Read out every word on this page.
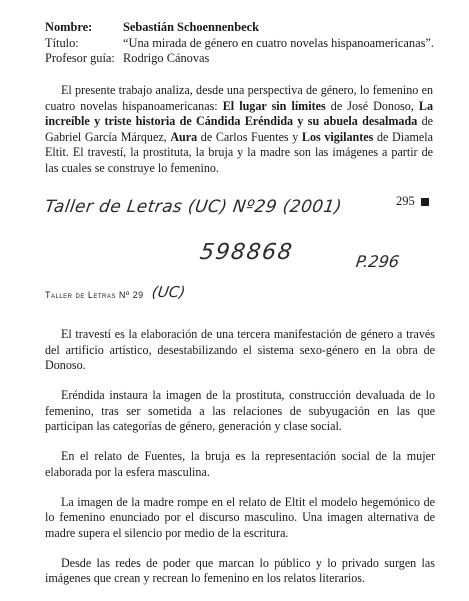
Nombre:	Sebastián Schoennenbeck
Título:	“Una mirada de género en cuatro novelas hispanoamericanas”.
Profesor guía: Rodrigo Cánovas

El presente trabajo analiza, desde una perspectiva de género, lo femenino en cuatro novelas hispanoamericanas: El lugar sin límites de José Donoso, La increíble y triste historia de Cándida Eréndida y su abuela desalmada de Gabriel García Márquez, Aura de Carlos Fuentes y Los vigilantes de Diamela Eltit. El travestí, la prostituta, la bruja y la madre son las imágenes a partir de las cuales se construye lo femenino.

295
Taller de Letras (UC) Nº29 (2001)
598868	P.296
Taller de Letras Nº 29 (UC)

El travestí es la elaboración de una tercera manifestación de género a través del artificio artístico, desestabilizando el sistema sexo-género en la obra de Donoso.

Eréndida instaura la imagen de la prostituta, construcción devaluada de lo femenino, tras ser sometida a las relaciones de subyugación en las que participan las categorías de género, generación y clase social.

En el relato de Fuentes, la bruja es la representación social de la mujer elaborada por la esfera masculina.

La imagen de la madre rompe en el relato de Eltit el modelo hegemónico de lo femenino enunciado por el discurso masculino. Una imagen alternativa de madre supera el silencio por medio de la escritura.

Desde las redes de poder que marcan lo público y lo privado surgen las imágenes que crean y recrean lo femenino en los relatos literarios.
